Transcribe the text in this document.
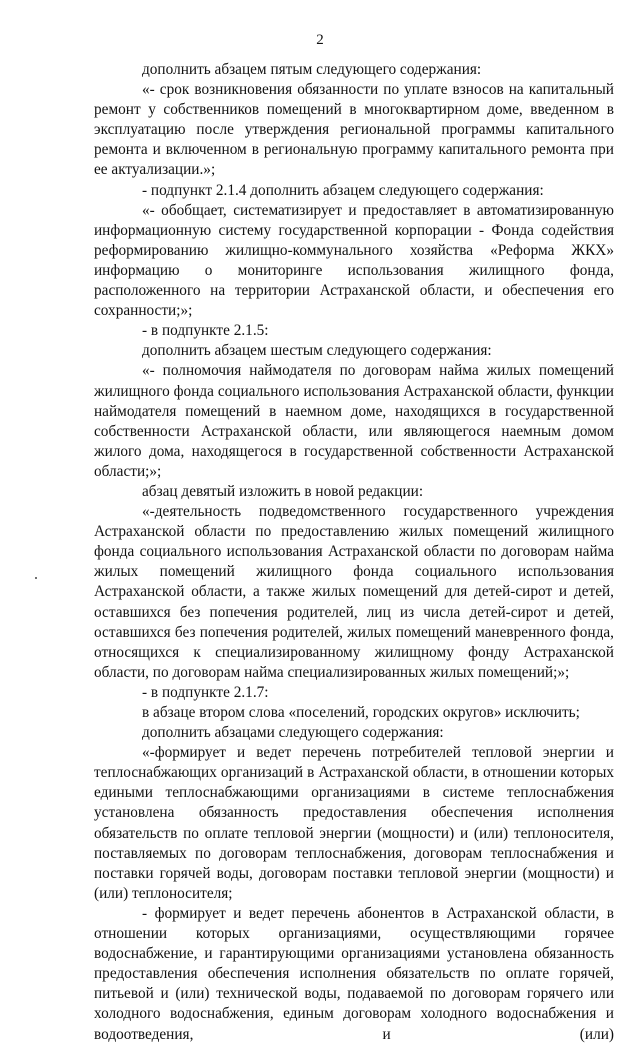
2

дополнить абзацем пятым следующего содержания:

«- срок возникновения обязанности по уплате взносов на капитальный ремонт у собственников помещений в многоквартирном доме, введенном в эксплуатацию после утверждения региональной программы капитального ремонта и включенном в региональную программу капитального ремонта при ее актуализации.»;

- подпункт 2.1.4 дополнить абзацем следующего содержания:

«- обобщает, систематизирует и предоставляет в автоматизированную информационную систему государственной корпорации - Фонда содействия реформированию жилищно-коммунального хозяйства «Реформа ЖКХ» информацию о мониторинге использования жилищного фонда, расположенного на территории Астраханской области, и обеспечения его сохранности;»;

- в подпункте 2.1.5:

дополнить абзацем шестым следующего содержания:

«- полномочия наймодателя по договорам найма жилых помещений жилищного фонда социального использования Астраханской области, функции наймодателя помещений в наемном доме, находящихся в государственной собственности Астраханской области, или являющегося наемным домом жилого дома, находящегося в государственной собственности Астраханской области;»;

абзац девятый изложить в новой редакции:

«-деятельность подведомственного государственного учреждения Астраханской области по предоставлению жилых помещений жилищного фонда социального использования Астраханской области по договорам найма жилых помещений жилищного фонда социального использования Астраханской области, а также жилых помещений для детей-сирот и детей, оставшихся без попечения родителей, лиц из числа детей-сирот и детей, оставшихся без попечения родителей, жилых помещений маневренного фонда, относящихся к специализированному жилищному фонду Астраханской области, по договорам найма специализированных жилых помещений;»;

- в подпункте 2.1.7:

в абзаце втором слова «поселений, городских округов» исключить;

дополнить абзацами следующего содержания:

«-формирует и ведет перечень потребителей тепловой энергии и теплоснабжающих организаций в Астраханской области, в отношении которых едиными теплоснабжающими организациями в системе теплоснабжения установлена обязанность предоставления обеспечения исполнения обязательств по оплате тепловой энергии (мощности) и (или) теплоносителя, поставляемых по договорам теплоснабжения, договорам теплоснабжения и поставки горячей воды, договорам поставки тепловой энергии (мощности) и (или) теплоносителя;

- формирует и ведет перечень абонентов в Астраханской области, в отношении которых организациями, осуществляющими горячее водоснабжение, и гарантирующими организациями установлена обязанность предоставления обеспечения исполнения обязательств по оплате горячей, питьевой и (или) технической воды, подаваемой по договорам горячего или холодного водоснабжения, единым договорам холодного водоснабжения и водоотведения, и (или)
